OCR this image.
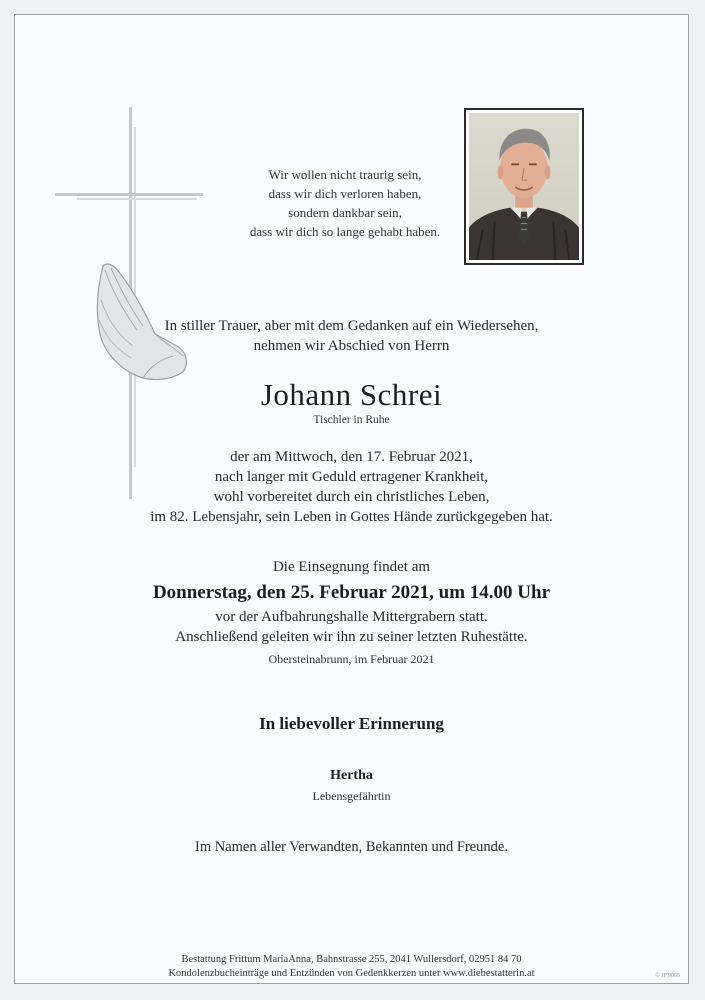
Wir wollen nicht traurig sein,
dass wir dich verloren haben,
sondern dankbar sein,
dass wir dich so lange gehabt haben.
In stiller Trauer, aber mit dem Gedanken auf ein Wiedersehen,
nehmen wir Abschied von Herrn
Johann Schrei
Tischler in Ruhe
der am Mittwoch, den 17. Februar 2021,
nach langer mit Geduld ertragener Krankheit,
wohl vorbereitet durch ein christliches Leben,
im 82. Lebensjahr, sein Leben in Gottes Hände zurückgegeben hat.
Die Einsegnung findet am
Donnerstag, den 25. Februar 2021, um 14.00 Uhr
vor der Aufbahrungshalle Mittergrabern statt.
Anschließend geleiten wir ihn zu seiner letzten Ruhestätte.
Obersteinabrunn, im Februar 2021
In liebevoller Erinnerung
Hertha
Lebensgefährtin
Im Namen aller Verwandten, Bekannten und Freunde.
Bestattung Frittum MariaAnna, Bahnstrasse 255, 2041 Wullersdorf, 02951 84 70
Kondolenzbucheinträge und Entzünden von Gedenkkerzen unter www.diebestatterin.at	© IP 9065
